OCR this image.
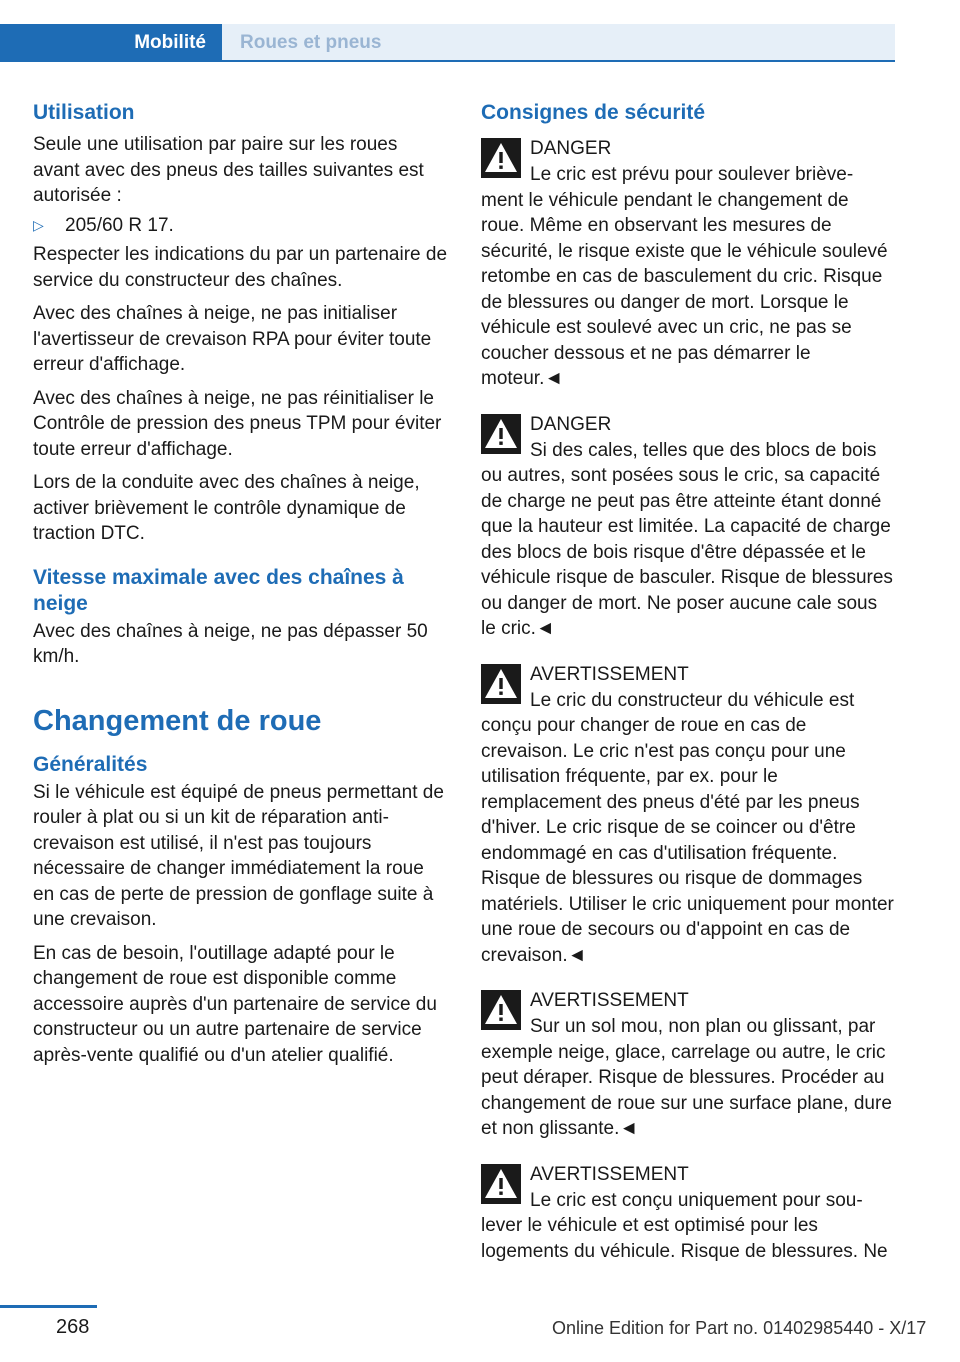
Mobilité	Roues et pneus
Utilisation

Seule une utilisation par paire sur les roues avant avec des pneus des tailles suivantes est autorisée :

▷	205/60 R 17.

Respecter les indications du par un partenaire de service du constructeur des chaînes.

Avec des chaînes à neige, ne pas initialiser l'avertisseur de crevaison RPA pour éviter toute erreur d'affichage.

Avec des chaînes à neige, ne pas réinitialiser le Contrôle de pression des pneus TPM pour éviter toute erreur d'affichage.

Lors de la conduite avec des chaînes à neige, activer brièvement le contrôle dynamique de traction DTC.

Vitesse maximale avec des chaînes à neige

Avec des chaînes à neige, ne pas dépasser 50 km/h.

Changement de roue
Généralités

Si le véhicule est équipé de pneus permettant de rouler à plat ou si un kit de réparation anti-crevaison est utilisé, il n'est pas toujours nécessaire de changer immédiatement la roue en cas de perte de pression de gonflage suite à une crevaison.

En cas de besoin, l'outillage adapté pour le changement de roue est disponible comme accessoire auprès d'un partenaire de service du constructeur ou un autre partenaire de service après-vente qualifié ou d'un atelier qualifié.

Consignes de sécurité
DANGER

Le cric est prévu pour soulever briève-
ment le véhicule pendant le changement de roue. Même en observant les mesures de sécurité, le risque existe que le véhicule soulevé retombe en cas de basculement du cric. Risque de blessures ou danger de mort. Lorsque le véhicule est soulevé avec un cric, ne pas se coucher dessous et ne pas démarrer le moteur.◄

DANGER

Si des cales, telles que des blocs de bois
ou autres, sont posées sous le cric, sa capacité de charge ne peut pas être atteinte étant donné que la hauteur est limitée. La capacité de charge des blocs de bois risque d'être dépassée et le véhicule risque de basculer. Risque de blessures ou danger de mort. Ne poser aucune cale sous le cric.◄

AVERTISSEMENT

Le cric du constructeur du véhicule est
conçu pour changer de roue en cas de crevaison. Le cric n'est pas conçu pour une utilisation fréquente, par ex. pour le remplacement des pneus d'été par les pneus d'hiver. Le cric risque de se coincer ou d'être endommagé en cas d'utilisation fréquente. Risque de blessures ou risque de dommages matériels. Utiliser le cric uniquement pour monter une roue de secours ou d'appoint en cas de crevaison.◄

AVERTISSEMENT

Sur un sol mou, non plan ou glissant, par
exemple neige, glace, carrelage ou autre, le cric peut déraper. Risque de blessures. Procéder au changement de roue sur une surface plane, dure et non glissante.◄

AVERTISSEMENT

Le cric est conçu uniquement pour sou-
lever le véhicule et est optimisé pour les logements du véhicule. Risque de blessures. Ne

268	Online Edition for Part no. 01402985440 - X/17
